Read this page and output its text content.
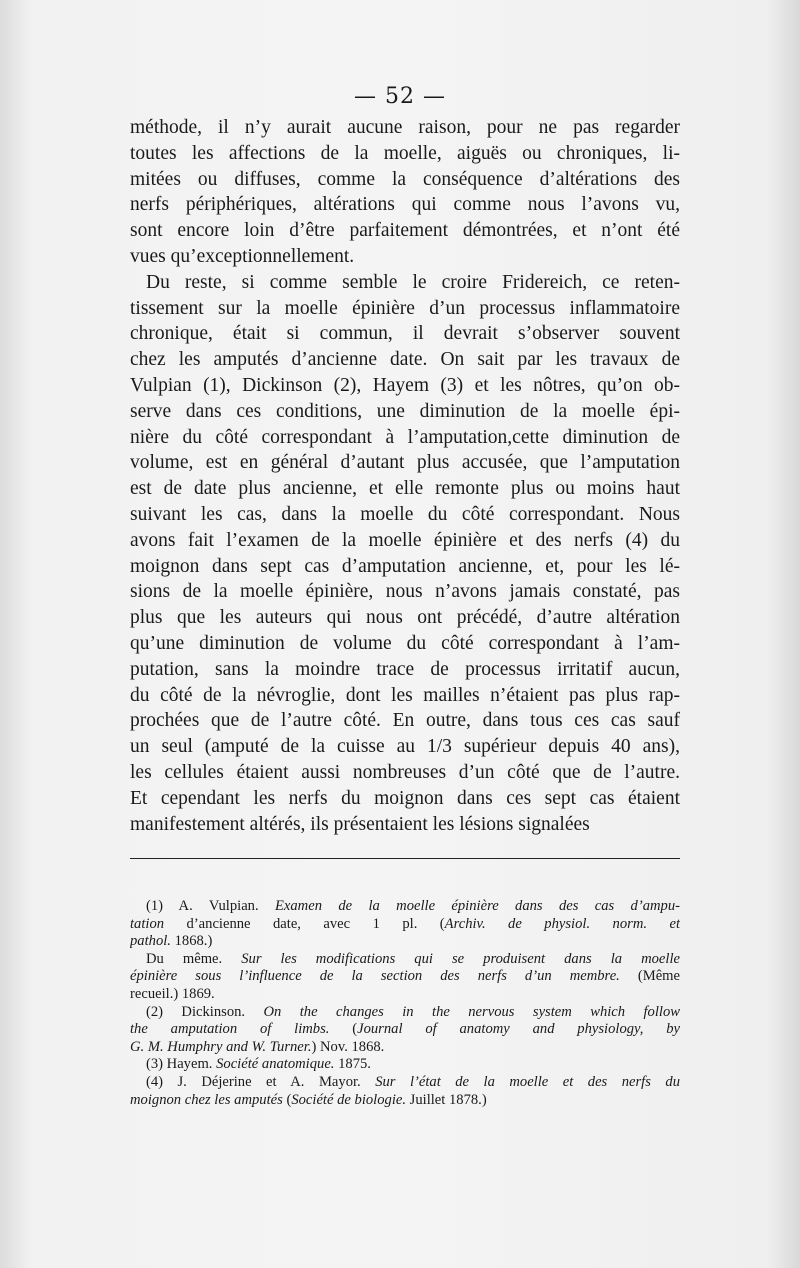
— 52 —
méthode, il n’y aurait aucune raison, pour ne pas regarder
toutes les affections de la moelle, aiguës ou chroniques, li-
mitées ou diffuses, comme la conséquence d’altérations des
nerfs périphériques, altérations qui comme nous l’avons vu,
sont encore loin d’être parfaitement démontrées, et n’ont été
vues qu’exceptionnellement.
Du reste, si comme semble le croire Fridereich, ce reten-
tissement sur la moelle épinière d’un processus inflammatoire
chronique, était si commun, il devrait s’observer souvent
chez les amputés d’ancienne date. On sait par les travaux de
Vulpian (1), Dickinson (2), Hayem (3) et les nôtres, qu’on ob-
serve dans ces conditions, une diminution de la moelle épi-
nière du côté correspondant à l’amputation,cette diminution de
volume, est en général d’autant plus accusée, que l’amputation
est de date plus ancienne, et elle remonte plus ou moins haut
suivant les cas, dans la moelle du côté correspondant. Nous
avons fait l’examen de la moelle épinière et des nerfs (4) du
moignon dans sept cas d’amputation ancienne, et, pour les lé-
sions de la moelle épinière, nous n’avons jamais constaté, pas
plus que les auteurs qui nous ont précédé, d’autre altération
qu’une diminution de volume du côté correspondant à l’am-
putation, sans la moindre trace de processus irritatif aucun,
du côté de la névroglie, dont les mailles n’étaient pas plus rap-
prochées que de l’autre côté. En outre, dans tous ces cas sauf
un seul (amputé de la cuisse au 1/3 supérieur depuis 40 ans),
les cellules étaient aussi nombreuses d’un côté que de l’autre.
Et cependant les nerfs du moignon dans ces sept cas étaient
manifestement altérés, ils présentaient les lésions signalées
(1) A. Vulpian. Examen de la moelle épinière dans des cas d’ampu-
tation d’ancienne date, avec 1 pl. (Archiv. de physiol. norm. et
pathol. 1868.)
Du même. Sur les modifications qui se produisent dans la moelle
épinière sous l’influence de la section des nerfs d’un membre. (Même
recueil.) 1869.
(2) Dickinson. On the changes in the nervous system which follow
the amputation of limbs. (Journal of anatomy and physiology, by
G. M. Humphry and W. Turner.) Nov. 1868.
(3) Hayem. Société anatomique. 1875.
(4) J. Déjerine et A. Mayor. Sur l’état de la moelle et des nerfs du
moignon chez les amputés (Société de biologie. Juillet 1878.)
